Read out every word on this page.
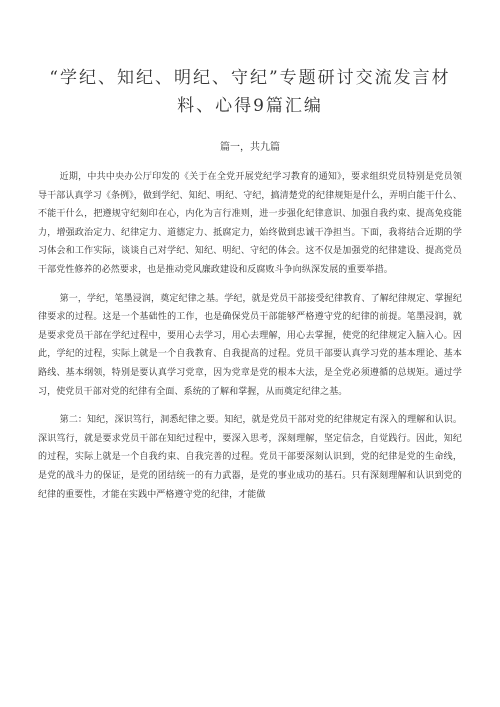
“学纪、知纪、明纪、守纪”专题研讨交流发言材料、心得9篇汇编
篇一，共九篇

近期，中共中央办公厅印发的《关于在全党开展党纪学习教育的通知》，要求组织党员特别是党员领导干部认真学习《条例》，做到学纪、知纪、明纪、守纪，搞清楚党的纪律规矩是什么，弄明白能干什么、不能干什么，把遵规守纪刻印在心，内化为言行准则，进一步强化纪律意识、加强自我约束、提高免疫能力，增强政治定力、纪律定力、道德定力、抵腐定力，始终做到忠诚干净担当。下面，我将结合近期的学习体会和工作实际，谈谈自己对学纪、知纪、明纪、守纪的体会。这不仅是加强党的纪律建设、提高党员干部党性修养的必然要求，也是推动党风廉政建设和反腐败斗争向纵深发展的重要举措。

第一，学纪，笔墨浸润，奠定纪律之基。学纪，就是党员干部接受纪律教育、了解纪律规定、掌握纪律要求的过程。这是一个基础性的工作，也是确保党员干部能够严格遵守党的纪律的前提。笔墨浸润，就是要求党员干部在学纪过程中，要用心去学习，用心去理解，用心去掌握，使党的纪律规定入脑入心。因此，学纪的过程，实际上就是一个自我教育、自我提高的过程。党员干部要认真学习党的基本理论、基本路线、基本纲领，特别是要认真学习党章，因为党章是党的根本大法，是全党必须遵循的总规矩。通过学习，使党员干部对党的纪律有全面、系统的了解和掌握，从而奠定纪律之基。

第二：知纪，深识笃行，洞悉纪律之要。知纪，就是党员干部对党的纪律规定有深入的理解和认识。深识笃行，就是要求党员干部在知纪过程中，要深入思考，深刻理解，坚定信念，自觉践行。因此，知纪的过程，实际上就是一个自我约束、自我完善的过程。党员干部要深刻认识到，党的纪律是党的生命线，是党的战斗力的保证，是党的团结统一的有力武器，是党的事业成功的基石。只有深刻理解和认识到党的纪律的重要性，才能在实践中严格遵守党的纪律，才能做
